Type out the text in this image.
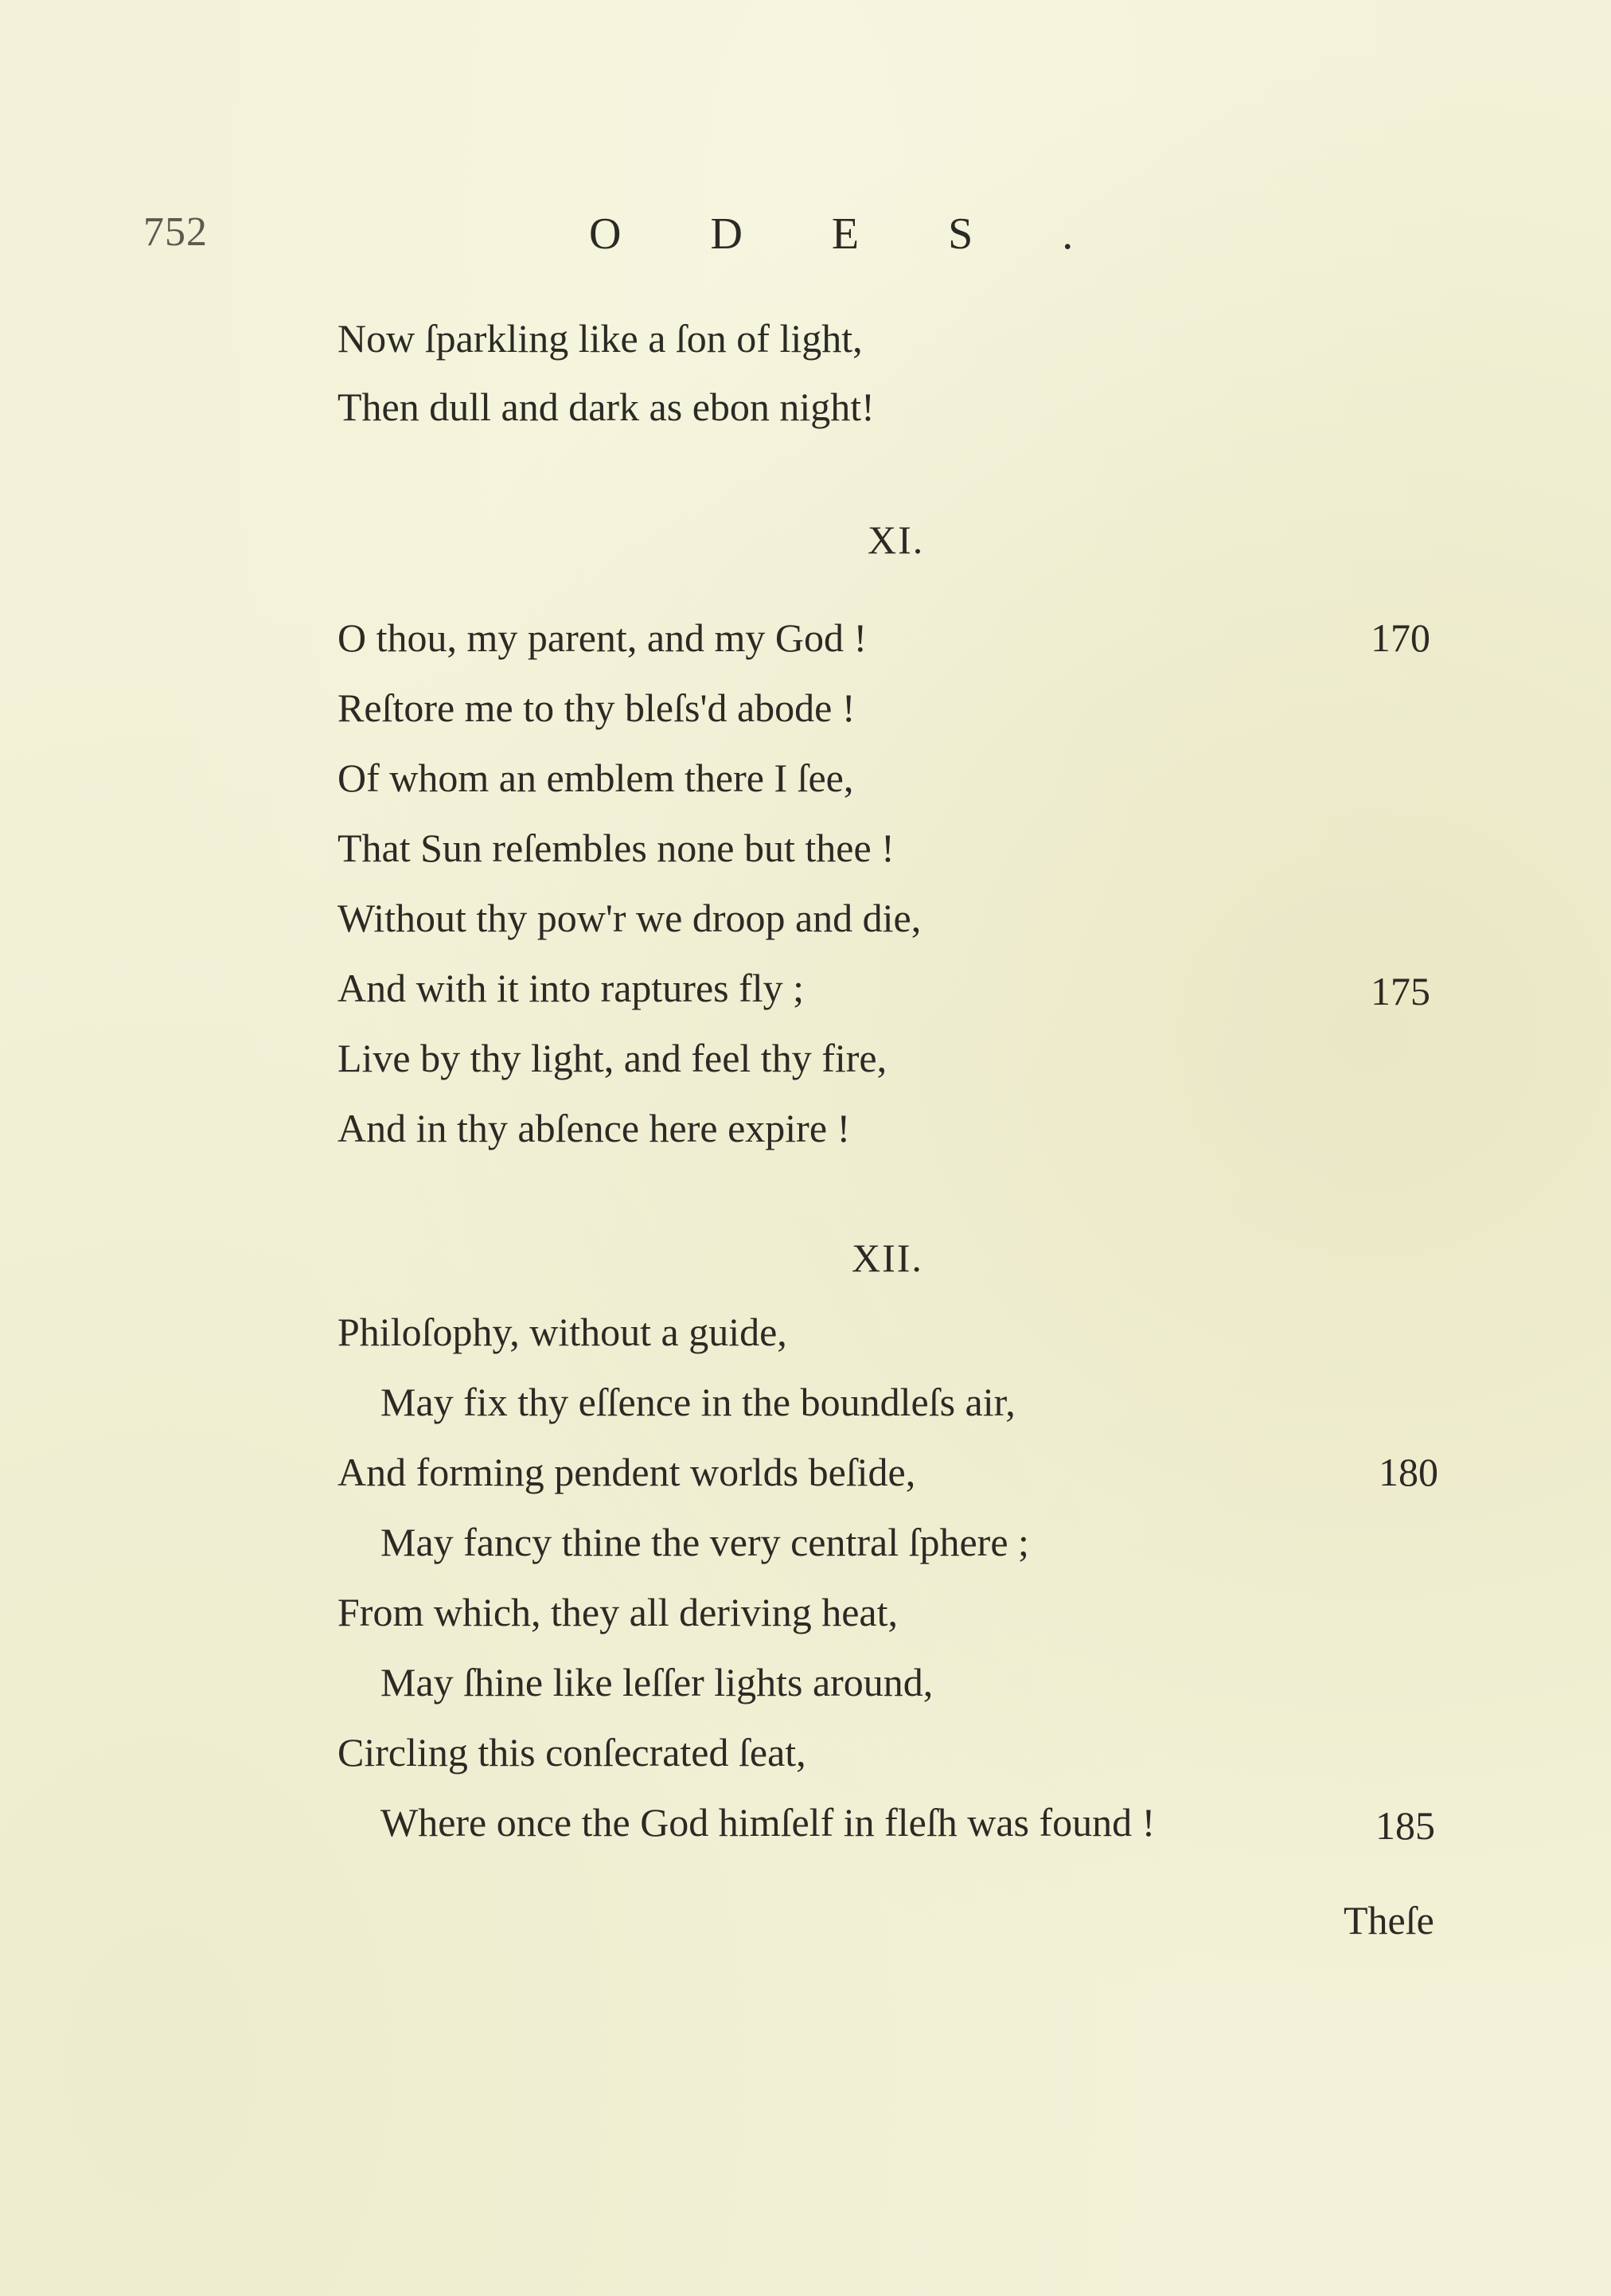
752	ODES.
Now ſparkling like a ſon of light,
Then dull and dark as ebon night!
XI.
O thou, my parent, and my God !	170
Reſtore me to thy bleſs'd abode !
Of whom an emblem there I ſee,
That Sun reſembles none but thee !
Without thy pow'r we droop and die,
And with it into raptures fly ;	175
Live by thy light, and feel thy fire,
And in thy abſence here expire !
XII.
Philoſophy, without a guide,
May fix thy eſſence in the boundleſs air,
And forming pendent worlds beſide,	180
May fancy thine the very central ſphere ;
From which, they all deriving heat,
May ſhine like leſſer lights around,
Circling this conſecrated ſeat,
Where once the God himſelf in fleſh was found !	185
Theſe
